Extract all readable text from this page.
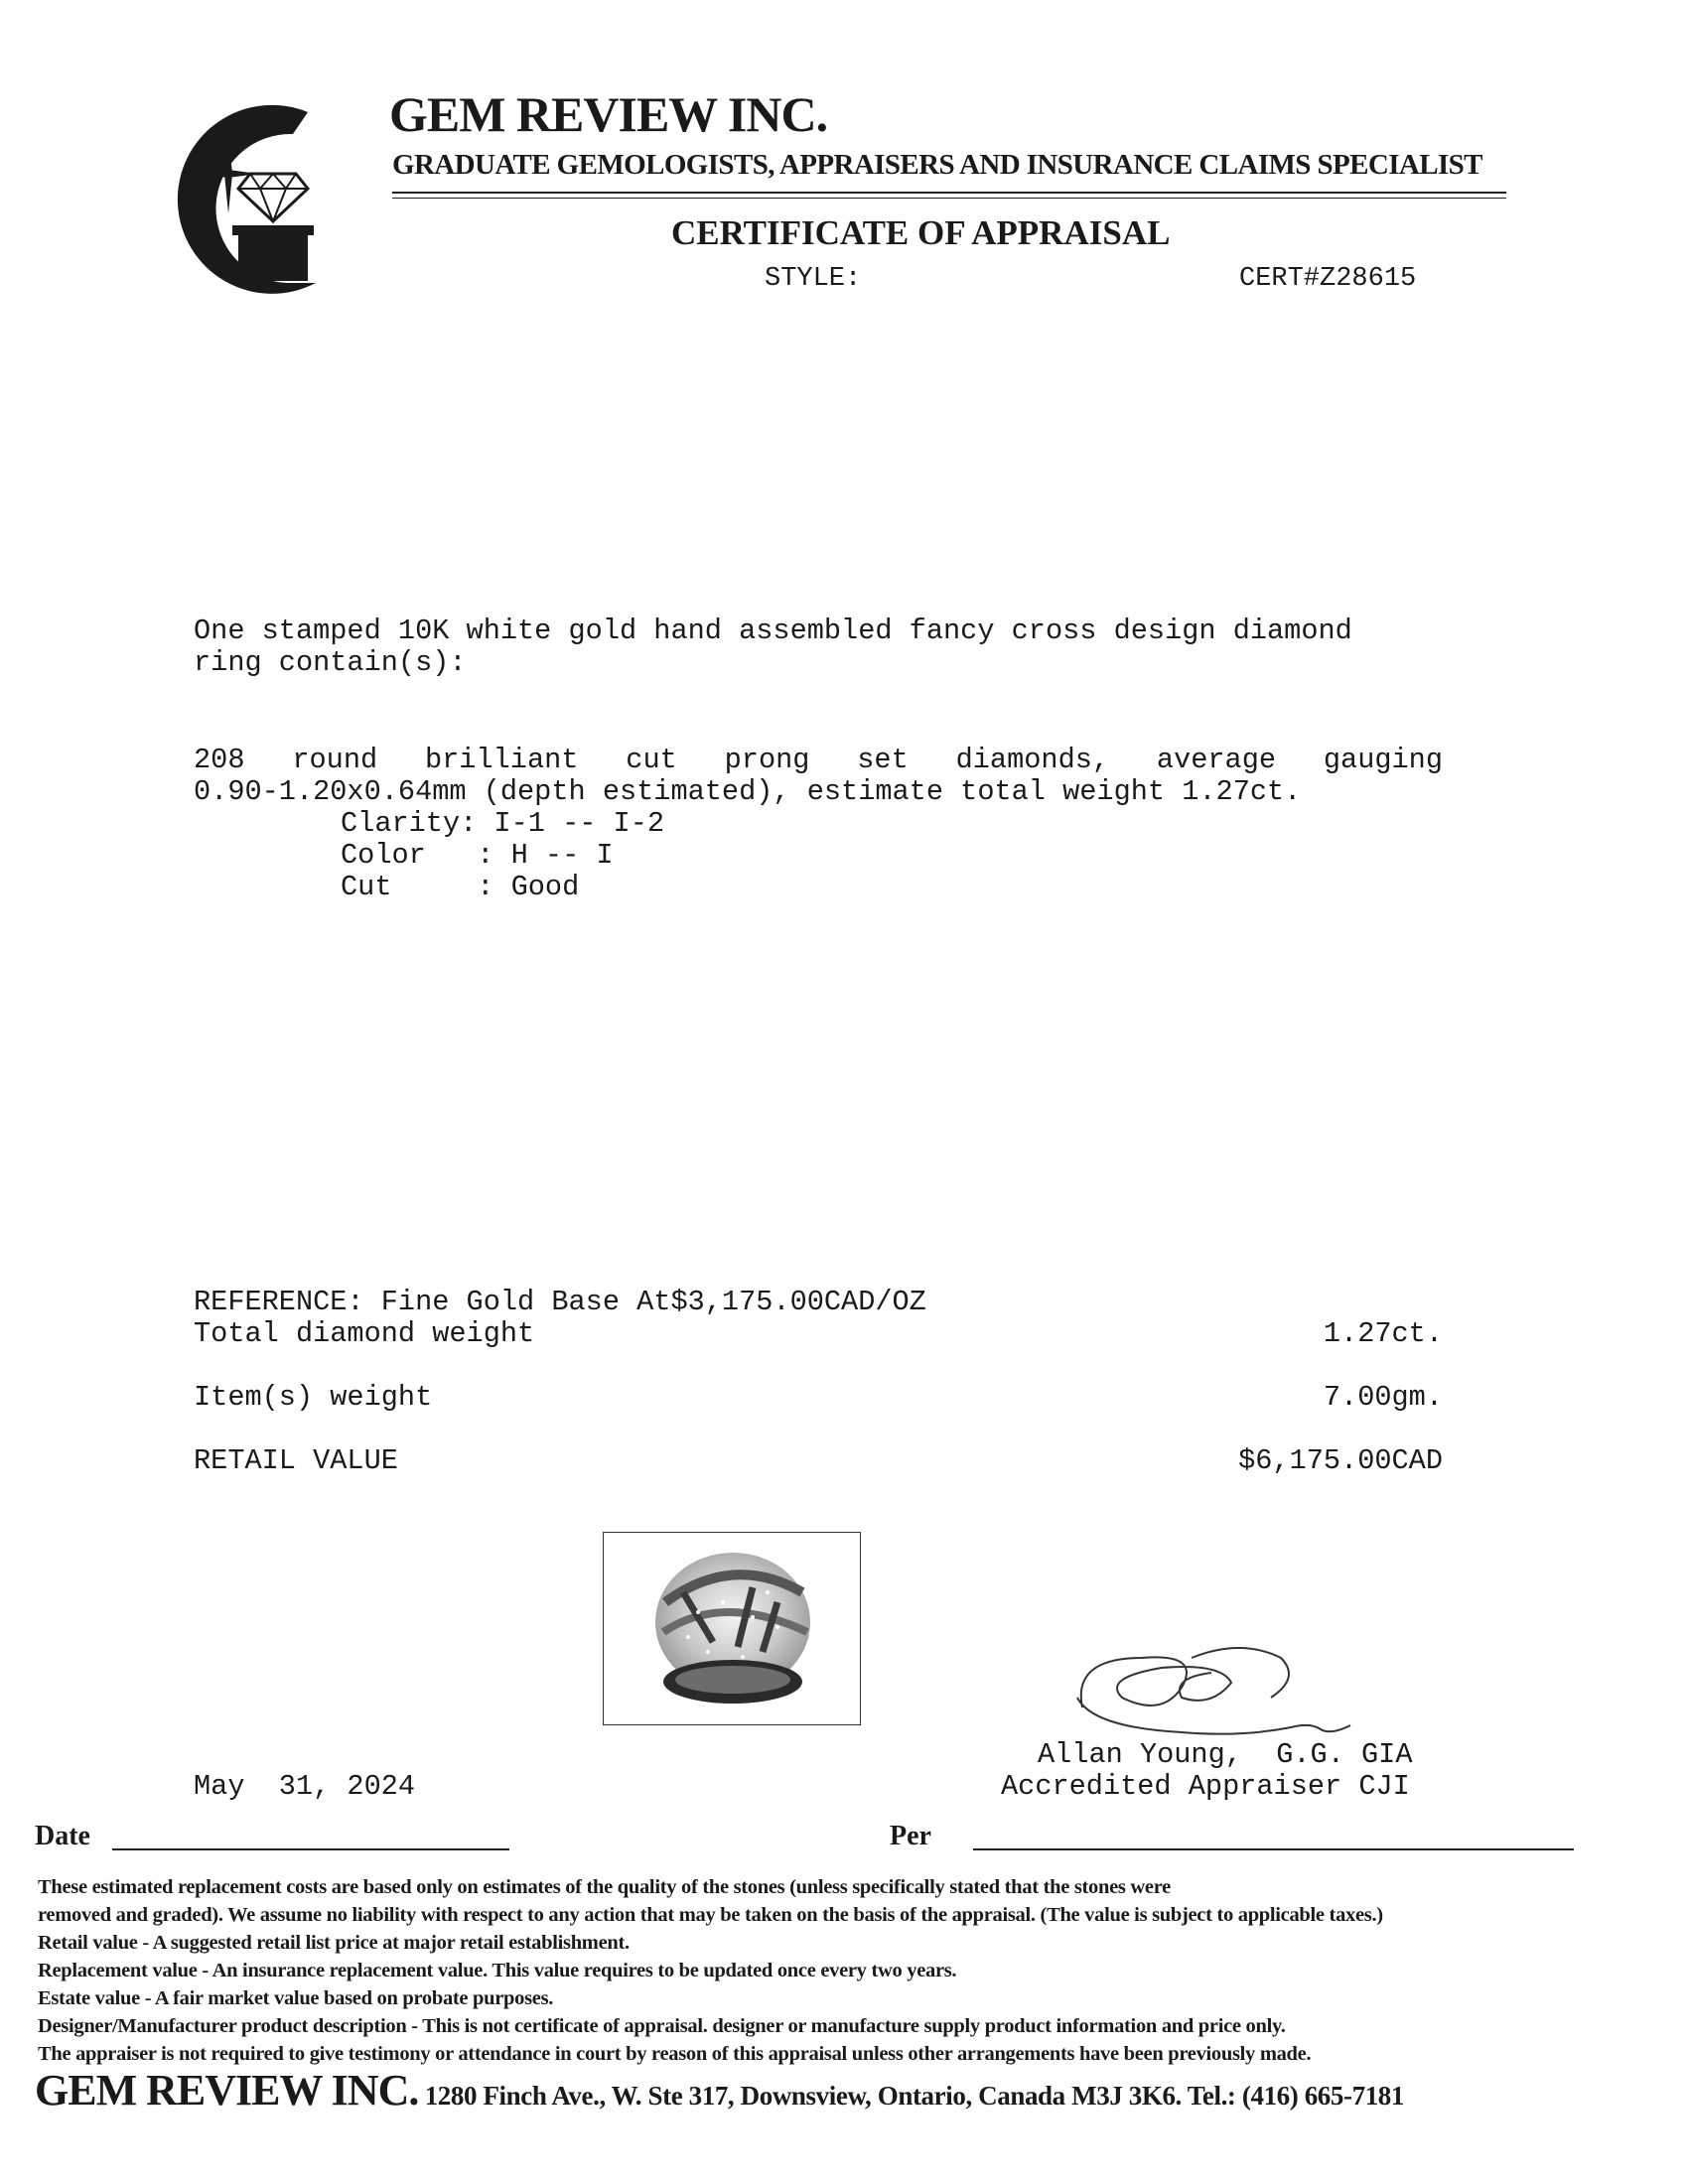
GEM REVIEW INC.
GRADUATE GEMOLOGISTS, APPRAISERS AND INSURANCE CLAIMS SPECIALIST
CERTIFICATE OF APPRAISAL
STYLE:	CERT#Z28615
One stamped 10K white gold hand assembled fancy cross design diamond
ring contain(s):
208 round brilliant cut prong set diamonds, average gauging
0.90-1.20x0.64mm (depth estimated), estimate total weight 1.27ct.
Clarity: I-1 -- I-2
Color   : H -- I
Cut     : Good
REFERENCE: Fine Gold Base At$3,175.00CAD/OZ
Total diamond weight	1.27ct.
Item(s) weight	7.00gm.
RETAIL VALUE	$6,175.00CAD
Allan Young,  G.G. GIA
Accredited Appraiser CJI
May  31, 2024
Date	Per
These estimated replacement costs are based only on estimates of the quality of the stones (unless specifically stated that the stones were
removed and graded). We assume no liability with respect to any action that may be taken on the basis of the appraisal. (The value is subject to applicable taxes.)
Retail value - A suggested retail list price at major retail establishment.
Replacement value - An insurance replacement value. This value requires to be updated once every two years.
Estate value - A fair market value based on probate purposes.
Designer/Manufacturer product description - This is not certificate of appraisal. designer or manufacture supply product information and price only.
The appraiser is not required to give testimony or attendance in court by reason of this appraisal unless other arrangements have been previously made.
GEM REVIEW INC. 1280 Finch Ave., W. Ste 317, Downsview, Ontario, Canada M3J 3K6. Tel.: (416) 665-7181
